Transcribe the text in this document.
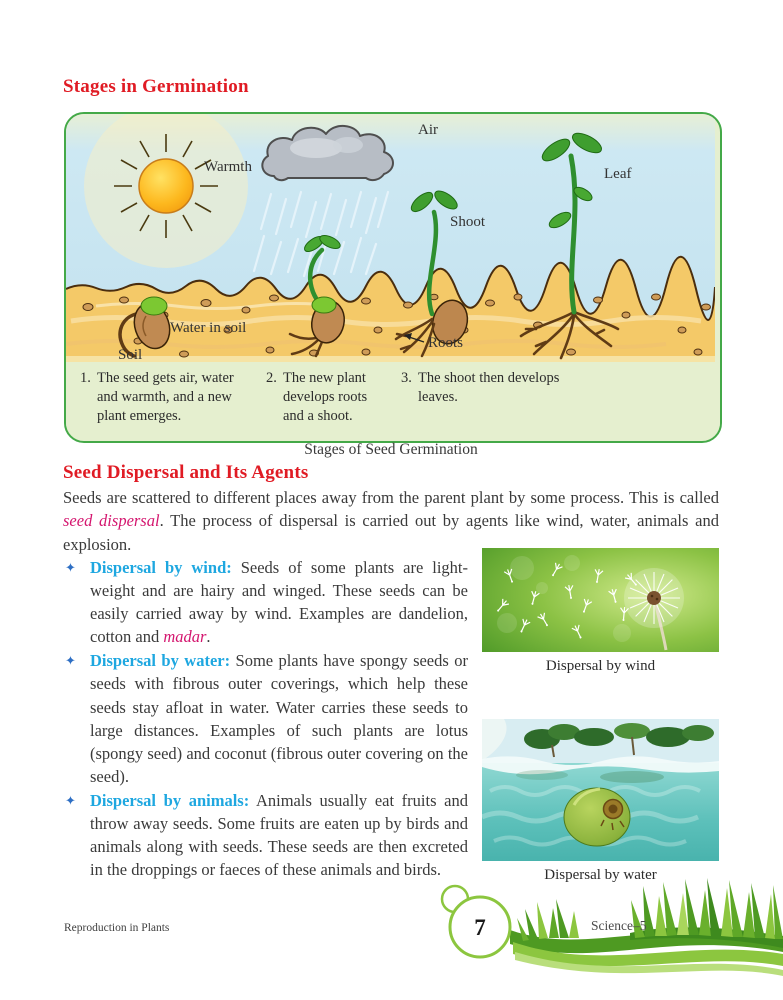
Stages in Germination
Air
Warmth	Leaf
Shoot
Water in soil
Soil
Roots
1. The seed gets air, water and warmth, and a new plant emerges.
2. The new plant develops roots and a shoot.
3. The shoot then develops leaves.
Stages of Seed Germination
Seed Dispersal and Its Agents

Seeds are scattered to different places away from the parent plant by some process. This is called seed dispersal. The process of dispersal is carried out by agents like wind, water, animals and explosion.

✦ Dispersal by wind: Seeds of some plants are light-weight and are hairy and winged. These seeds can be easily carried away by wind. Examples are dandelion, cotton and madar.
✦ Dispersal by water: Some plants have spongy seeds or seeds with fibrous outer coverings, which help these seeds stay afloat in water. Water carries these seeds to large distances. Examples of such plants are lotus (spongy seed) and coconut (fibrous outer covering on the seed).
✦ Dispersal by animals: Animals usually eat fruits and throw away seeds. Some fruits are eaten up by birds and animals along with seeds. These seeds are then excreted in the droppings or faeces of these animals and birds.
Dispersal by wind
Dispersal by water
Reproduction in Plants	7	Science–5
